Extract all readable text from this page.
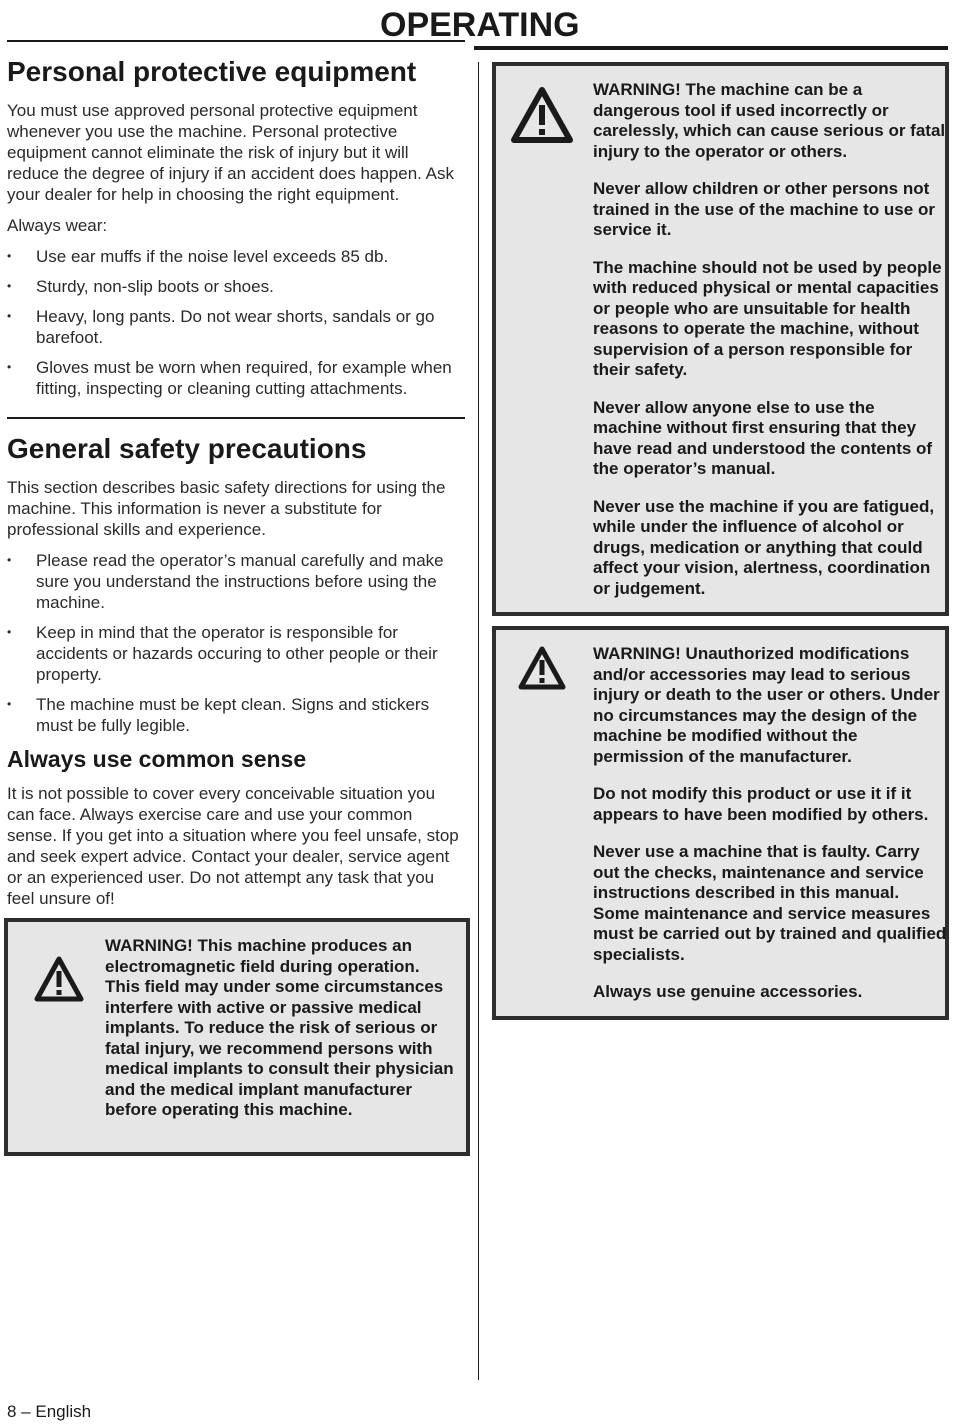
OPERATING
Personal protective equipment

You must use approved personal protective equipment whenever you use the machine. Personal protective equipment cannot eliminate the risk of injury but it will reduce the degree of injury if an accident does happen. Ask your dealer for help in choosing the right equipment.

Always wear:

• Use ear muffs if the noise level exceeds 85 db.
• Sturdy, non-slip boots or shoes.
• Heavy, long pants. Do not wear shorts, sandals or go barefoot.
• Gloves must be worn when required, for example when fitting, inspecting or cleaning cutting attachments.
General safety precautions

This section describes basic safety directions for using the machine. This information is never a substitute for professional skills and experience.

• Please read the operator’s manual carefully and make sure you understand the instructions before using the machine.
• Keep in mind that the operator is responsible for accidents or hazards occuring to other people or their property.
• The machine must be kept clean. Signs and stickers must be fully legible.
Always use common sense

It is not possible to cover every conceivable situation you can face. Always exercise care and use your common sense. If you get into a situation where you feel unsafe, stop and seek expert advice. Contact your dealer, service agent or an experienced user. Do not attempt any task that you feel unsure of!

WARNING! This machine produces an electromagnetic field during operation. This field may under some circumstances interfere with active or passive medical implants. To reduce the risk of serious or fatal injury, we recommend persons with medical implants to consult their physician and the medical implant manufacturer before operating this machine.

WARNING! The machine can be a dangerous tool if used incorrectly or carelessly, which can cause serious or fatal injury to the operator or others.

Never allow children or other persons not trained in the use of the machine to use or service it.

The machine should not be used by people with reduced physical or mental capacities or people who are unsuitable for health reasons to operate the machine, without supervision of a person responsible for their safety.

Never allow anyone else to use the machine without first ensuring that they have read and understood the contents of the operator’s manual.

Never use the machine if you are fatigued, while under the influence of alcohol or drugs, medication or anything that could affect your vision, alertness, coordination or judgement.

WARNING! Unauthorized modifications and/or accessories may lead to serious injury or death to the user or others. Under no circumstances may the design of the machine be modified without the permission of the manufacturer.

Do not modify this product or use it if it appears to have been modified by others.

Never use a machine that is faulty. Carry out the checks, maintenance and service instructions described in this manual. Some maintenance and service measures must be carried out by trained and qualified specialists.

Always use genuine accessories.

8 – English
